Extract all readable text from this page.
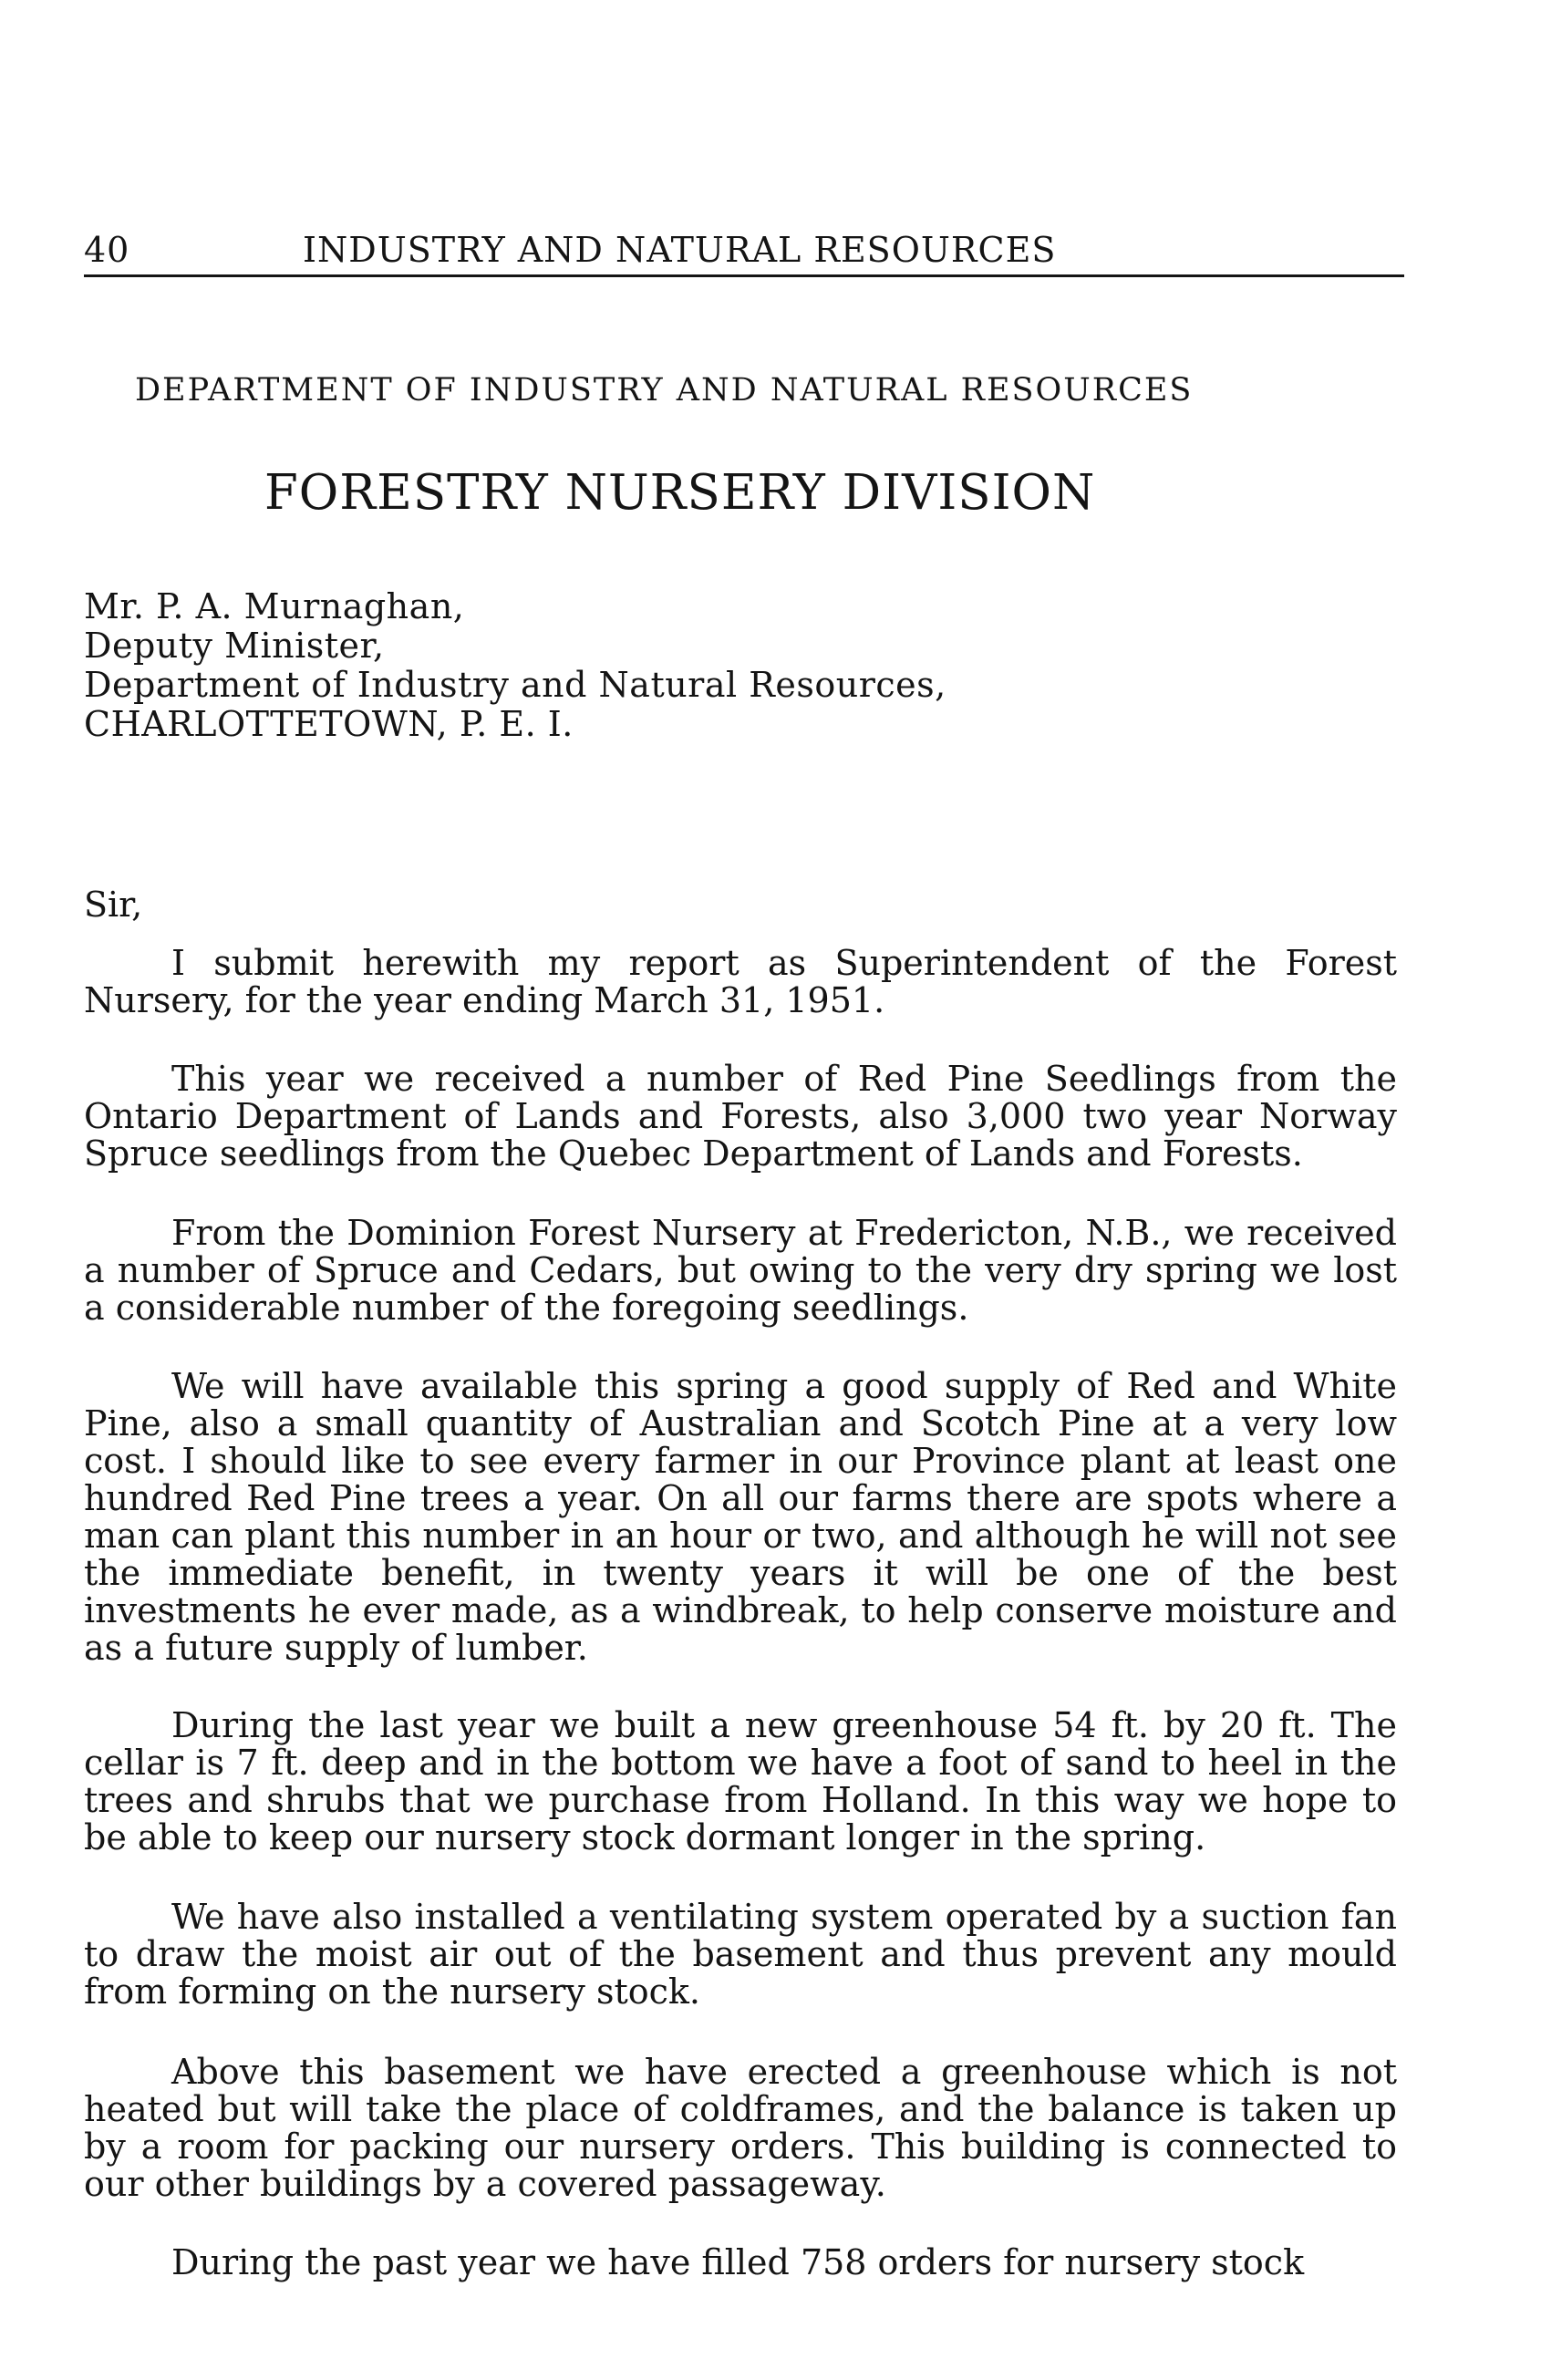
40	INDUSTRY AND NATURAL RESOURCES
DEPARTMENT OF INDUSTRY AND NATURAL RESOURCES
FORESTRY NURSERY DIVISION
Mr. P. A. Murnaghan,
Deputy Minister,
Department of Industry and Natural Resources,
CHARLOTTETOWN, P. E. I.
Sir,

I submit herewith my report as Superintendent of the Forest Nursery, for the year ending March 31, 1951.

This year we received a number of Red Pine Seedlings from the Ontario Department of Lands and Forests, also 3,000 two year Norway Spruce seedlings from the Quebec Department of Lands and Forests.

From the Dominion Forest Nursery at Fredericton, N.B., we received a number of Spruce and Cedars, but owing to the very dry spring we lost a considerable number of the foregoing seedlings.

We will have available this spring a good supply of Red and White Pine, also a small quantity of Australian and Scotch Pine at a very low cost. I should like to see every farmer in our Province plant at least one hundred Red Pine trees a year. On all our farms there are spots where a man can plant this number in an hour or two, and although he will not see the immediate benefit, in twenty years it will be one of the best investments he ever made, as a windbreak, to help conserve moisture and as a future supply of lumber.

During the last year we built a new greenhouse 54 ft. by 20 ft. The cellar is 7 ft. deep and in the bottom we have a foot of sand to heel in the trees and shrubs that we purchase from Holland. In this way we hope to be able to keep our nursery stock dormant longer in the spring.

We have also installed a ventilating system operated by a suction fan to draw the moist air out of the basement and thus prevent any mould from forming on the nursery stock.

Above this basement we have erected a greenhouse which is not heated but will take the place of coldframes, and the balance is taken up by a room for packing our nursery orders. This building is connected to our other buildings by a covered passageway.

During the past year we have filled 758 orders for nursery stock
